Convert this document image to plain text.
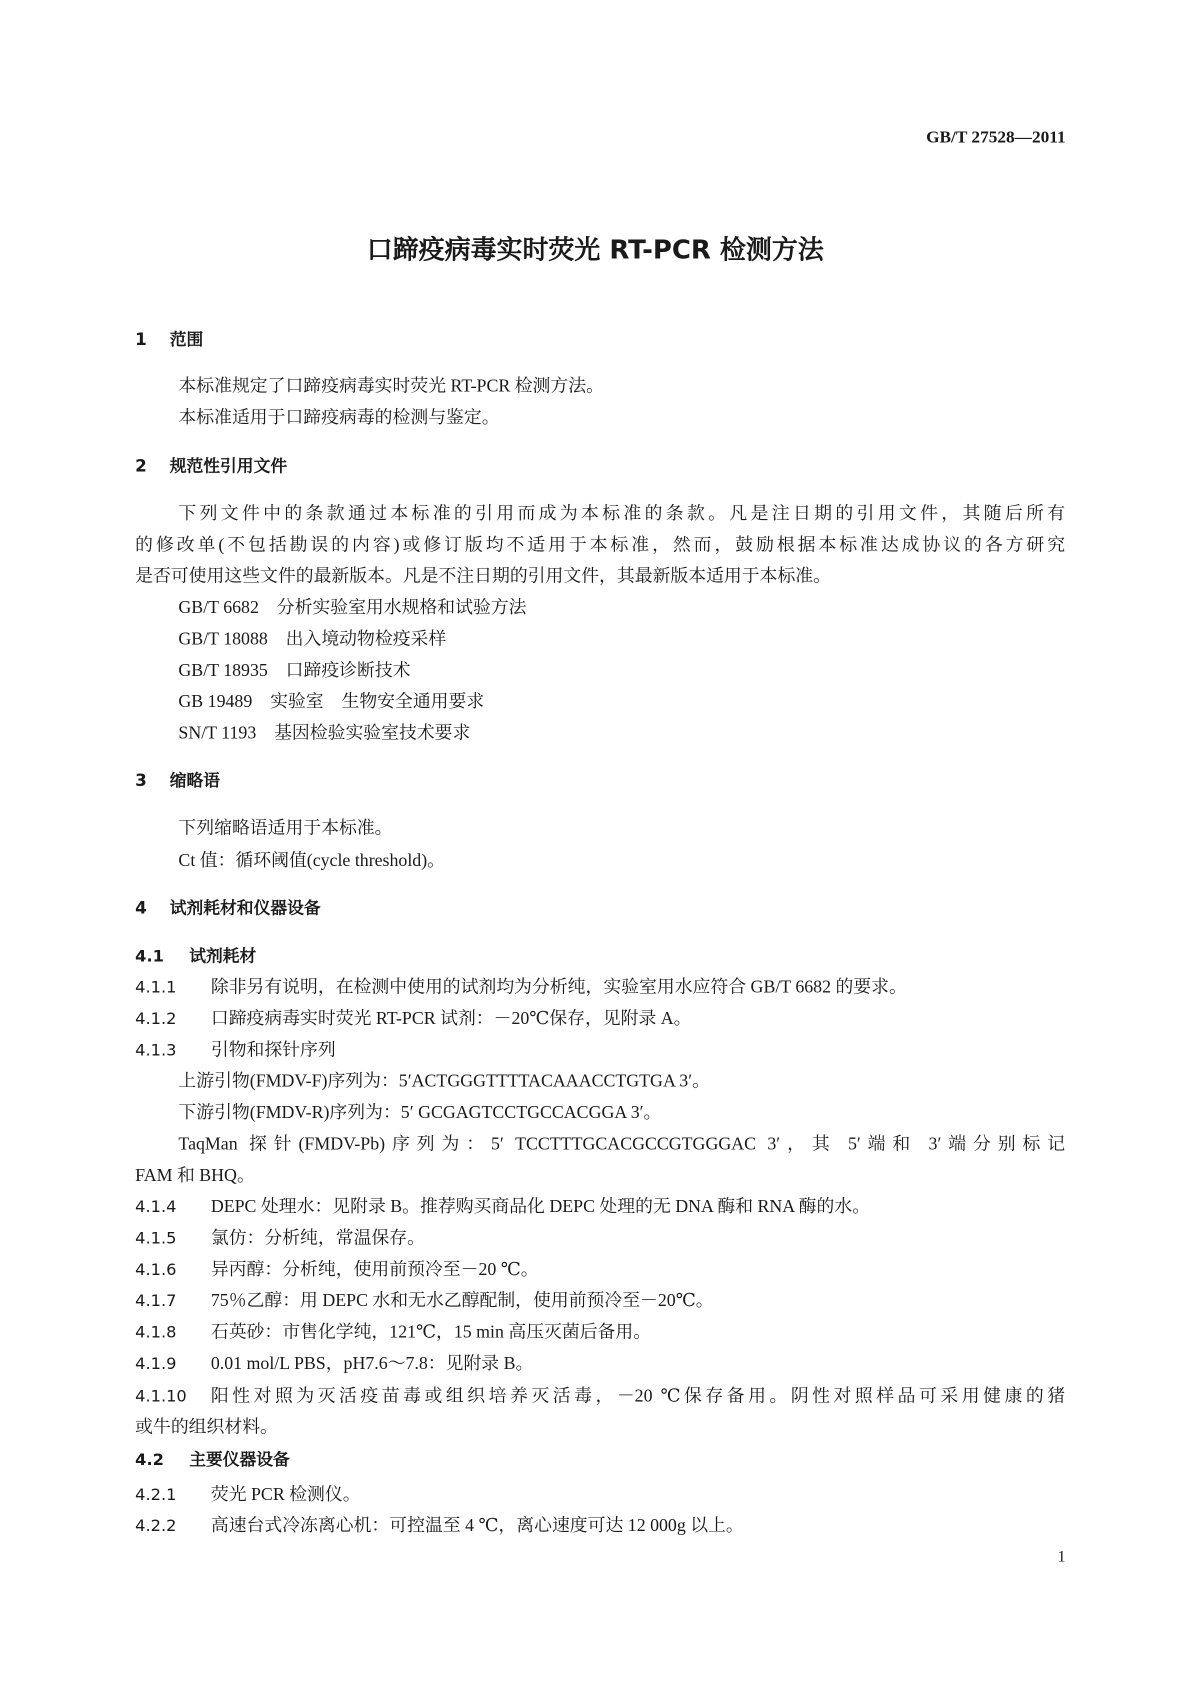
GB/T 27528—2011
口蹄疫病毒实时荧光 RT-PCR 检测方法
1 范围
本标准规定了口蹄疫病毒实时荧光 RT-PCR 检测方法。
本标准适用于口蹄疫病毒的检测与鉴定。
2 规范性引用文件
下列文件中的条款通过本标准的引用而成为本标准的条款。凡是注日期的引用文件，其随后所有
的修改单(不包括勘误的内容)或修订版均不适用于本标准，然而，鼓励根据本标准达成协议的各方研究
是否可使用这些文件的最新版本。凡是不注日期的引用文件，其最新版本适用于本标准。
GB/T 6682　 分析实验室用水规格和试验方法
GB/T 18088　 出入境动物检疫采样
GB/T 18935　 口蹄疫诊断技术
GB 19489　 实验室　生物安全通用要求
SN/T 1193　 基因检验实验室技术要求
3 缩略语
下列缩略语适用于本标准。
Ct 值：循环阈值(cycle threshold)。
4 试剂耗材和仪器设备
4.1 试剂耗材
4.1.1 除非另有说明，在检测中使用的试剂均为分析纯，实验室用水应符合 GB/T 6682 的要求。
4.1.2 口蹄疫病毒实时荧光 RT-PCR 试剂：－20℃保存，见附录 A。
4.1.3 引物和探针序列
上游引物(FMDV-F)序列为：5′ACTGGGTTTTACAAACCTGTGA 3′。
下游引物(FMDV-R)序列为：5′ GCGAGTCCTGCCACGGA 3′。
TaqMan 探针(FMDV-Pb)序列为：5′ TCCTTTGCACGCCGTGGGAC 3′，其 5′端和 3′端分别标记
FAM 和 BHQ。
4.1.4 DEPC 处理水：见附录 B。推荐购买商品化 DEPC 处理的无 DNA 酶和 RNA 酶的水。
4.1.5 氯仿：分析纯，常温保存。
4.1.6 异丙醇：分析纯，使用前预冷至－20 ℃。
4.1.7 75％乙醇：用 DEPC 水和无水乙醇配制，使用前预冷至－20℃。
4.1.8 石英砂：市售化学纯，121℃，15 min 高压灭菌后备用。
4.1.9 0.01 mol/L PBS，pH7.6～7.8：见附录 B。
4.1.10	阳性对照为灭活疫苗毒或组织培养灭活毒，－20 ℃保存备用。阴性对照样品可采用健康的猪
或牛的组织材料。
4.2 主要仪器设备
4.2.1 荧光 PCR 检测仪。
4.2.2 高速台式冷冻离心机：可控温至 4 ℃，离心速度可达 12 000g 以上。
1
